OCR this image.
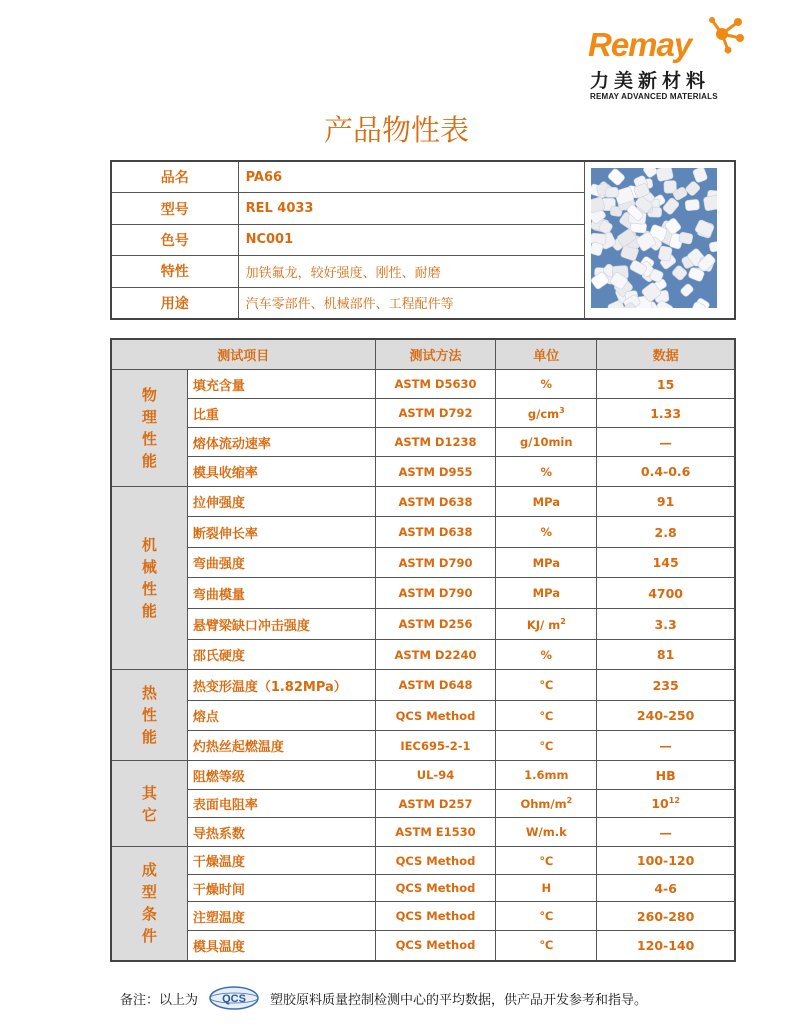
Remay
力美新材料
REMAY ADVANCED MATERIALS
产品物性表
品名	PA66	
型号	REL 4033	
色号	NC001	
特性	加铁氟龙，较好强度、刚性、耐磨	
用途	汽车零部件、机械部件、工程配件等	
测试项目		测试方法	单位	数据
物
理
性
能	填充含量	ASTM D5630	%	15
	比重	ASTM D792	$g/cm^3$	1.33
	熔体流动速率	ASTM D1238	g/10min	—
	模具收缩率	ASTM D955	%	0.4-0.6
机
械
性
能	拉伸强度	ASTM D638	MPa	91
	断裂伸长率	ASTM D638	%	2.8
	弯曲强度	ASTM D790	MPa	145
	弯曲模量	ASTM D790	MPa	4700
	悬臂梁缺口冲击强度	ASTM D256	KJ/ $m^2$	3.3
	邵氏硬度	ASTM D2240	%	81
热
性
能	热变形温度（1.82MPa）	ASTM D648	℃	235
	熔点	QCS Method	℃	240-250
	灼热丝起燃温度	IEC695-2-1	℃	—
其
它	阻燃等级	UL-94	1.6mm	HB
	表面电阻率	ASTM D257	Ohm/$m^2$	$10^{12}$
	导热系数	ASTM E1530	W/m.k	—
成
型
条
件	干燥温度	QCS Method	℃	100-120
	干燥时间	QCS Method	H	4-6
	注塑温度	QCS Method	℃	260-280
	模具温度	QCS Method	℃	120-140
备注：以上为 QCS 塑胶原料质量控制检测中心的平均数据，供产品开发参考和指导。
